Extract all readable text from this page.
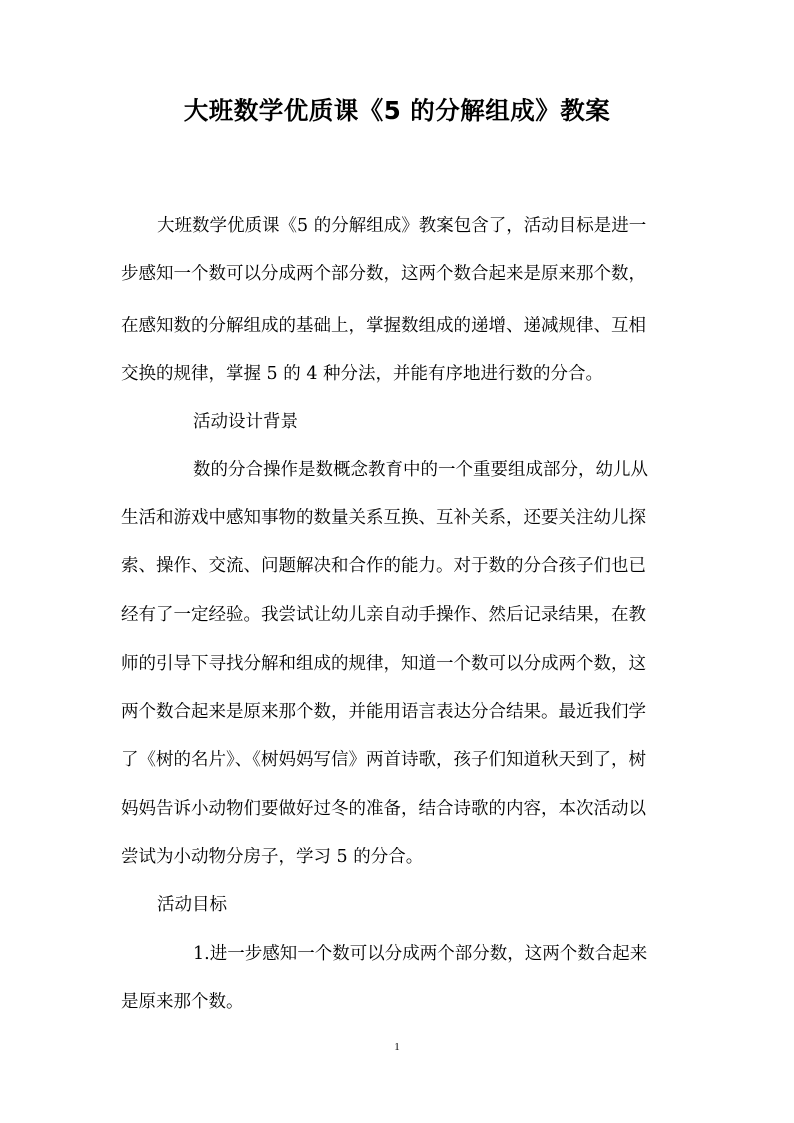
大班数学优质课《5 的分解组成》教案
大班数学优质课《5 的分解组成》教案包含了，活动目标是进一
步感知一个数可以分成两个部分数，这两个数合起来是原来那个数，
在感知数的分解组成的基础上，掌握数组成的递增、递减规律、互相
交换的规律，掌握 5 的 4 种分法，并能有序地进行数的分合。
活动设计背景
数的分合操作是数概念教育中的一个重要组成部分，幼儿从
生活和游戏中感知事物的数量关系互换、互补关系，还要关注幼儿探
索、操作、交流、问题解决和合作的能力。对于数的分合孩子们也已
经有了一定经验。我尝试让幼儿亲自动手操作、然后记录结果，在教
师的引导下寻找分解和组成的规律，知道一个数可以分成两个数，这
两个数合起来是原来那个数，并能用语言表达分合结果。最近我们学
了《树的名片》、《树妈妈写信》两首诗歌，孩子们知道秋天到了，树
妈妈告诉小动物们要做好过冬的准备，结合诗歌的内容，本次活动以
尝试为小动物分房子，学习 5 的分合。
活动目标
1.进一步感知一个数可以分成两个部分数，这两个数合起来
是原来那个数。
1
